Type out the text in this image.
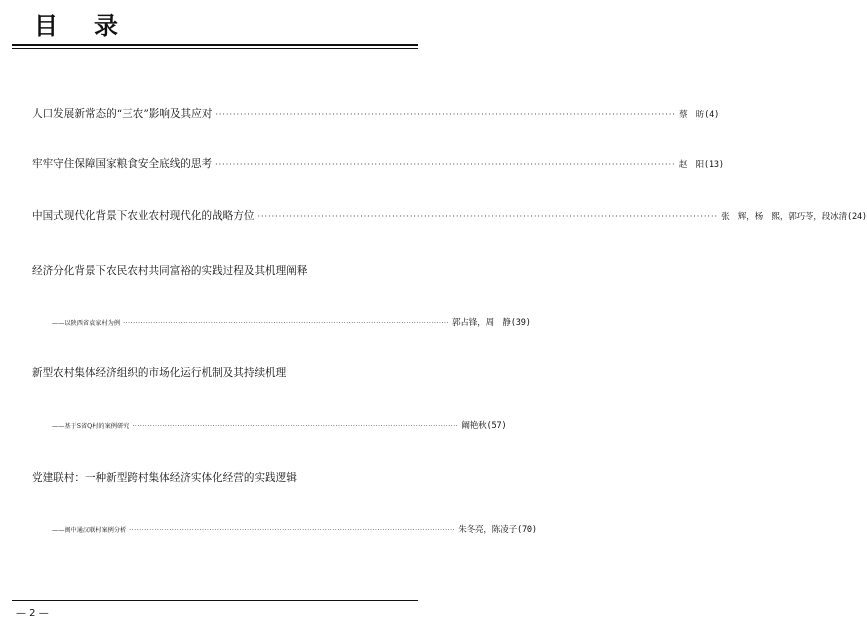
目录
人口发展新常态的“三农”影响及其应对 ·································································································································· 蔡　昉 (4)
牢牢守住保障国家粮食安全底线的思考 ·································································································································· 赵　阳 (13)
中国式现代化背景下农业农村现代化的战略方位 ·································································································································· 张　辉，杨　熙，郭巧苓，段冰清 (24)
经济分化背景下农民农村共同富裕的实践过程及其机理阐释
——以陕西省袁家村为例 ·································································································································· 郭占锋，周　静 (39)
新型农村集体经济组织的市场化运行机制及其持续机理
——基于S省Q村的案例研究 ·································································································································· 阚艳秋 (57)
党建联村：一种新型跨村集体经济实体化经营的实践逻辑
——闽中通汉联村案例分析 ·································································································································· 朱冬亮，陈凌子 (70)
— 2 —
